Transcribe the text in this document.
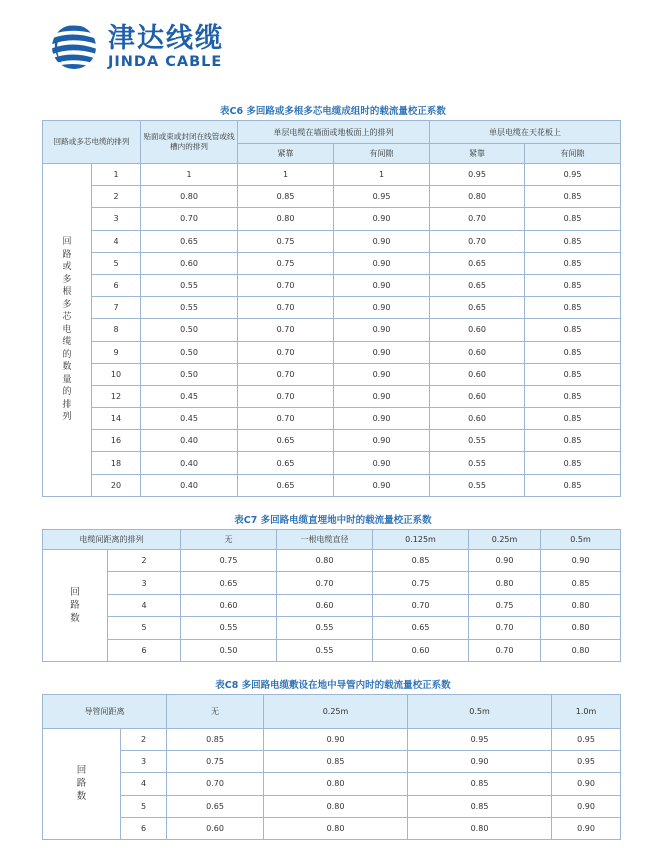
津达线缆
JINDA CABLE
表C6 多回路或多根多芯电缆成组时的载流量校正系数
回路或多芯电缆的排列		贴面或束或封闭在线管或线槽内的排列	单层电缆在墙面或地板面上的排列		单层电缆在天花板上	
			紧靠	有间隙	紧靠	有间隙

回路或多根多芯电缆的数量的排列	1	1	1	1	0.95	0.95
	2	0.80	0.85	0.95	0.80	0.85
	3	0.70	0.80	0.90	0.70	0.85
	4	0.65	0.75	0.90	0.70	0.85
	5	0.60	0.75	0.90	0.65	0.85
	6	0.55	0.70	0.90	0.65	0.85
	7	0.55	0.70	0.90	0.65	0.85
	8	0.50	0.70	0.90	0.60	0.85
	9	0.50	0.70	0.90	0.60	0.85
	10	0.50	0.70	0.90	0.60	0.85
	12	0.45	0.70	0.90	0.60	0.85
	14	0.45	0.70	0.90	0.60	0.85
	16	0.40	0.65	0.90	0.55	0.85
	18	0.40	0.65	0.90	0.55	0.85
	20	0.40	0.65	0.90	0.55	0.85
表C7 多回路电缆直埋地中时的载流量校正系数
电缆间距离的排列		无	一根电缆直径	0.125m	0.25m	0.5m

回路数	2	0.75	0.80	0.85	0.90	0.90
	3	0.65	0.70	0.75	0.80	0.85
	4	0.60	0.60	0.70	0.75	0.80
	5	0.55	0.55	0.65	0.70	0.80
	6	0.50	0.55	0.60	0.70	0.80
表C8 多回路电缆敷设在地中导管内时的载流量校正系数
导管间距离		无	0.25m	0.5m	1.0m

回路数	2	0.85	0.90	0.95	0.95
	3	0.75	0.85	0.90	0.95
	4	0.70	0.80	0.85	0.90
	5	0.65	0.80	0.85	0.90
	6	0.60	0.80	0.80	0.90
